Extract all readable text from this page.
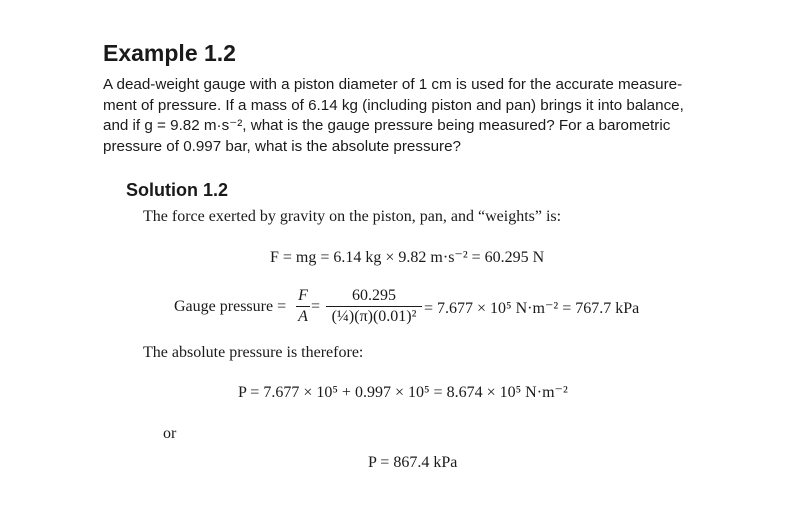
Example 1.2

A dead-weight gauge with a piston diameter of 1 cm is used for the accurate measure-

ment of pressure. If a mass of 6.14 kg (including piston and pan) brings it into balance,

and if g = 9.82 m·s⁻², what is the gauge pressure being measured? For a barometric

pressure of 0.997 bar, what is the absolute pressure?

Solution 1.2
The force exerted by gravity on the piston, pan, and “weights” is:
F = mg = 6.14 kg × 9.82 m·s⁻² = 60.295 N
Gauge pressure =
F
A
=
60.295
(¼)(π)(0.01)² = 7.677 × 10⁵ N·m⁻² = 767.7 kPa
The absolute pressure is therefore:
P = 7.677 × 10⁵ + 0.997 × 10⁵ = 8.674 × 10⁵ N·m⁻²
or
P = 867.4 kPa
